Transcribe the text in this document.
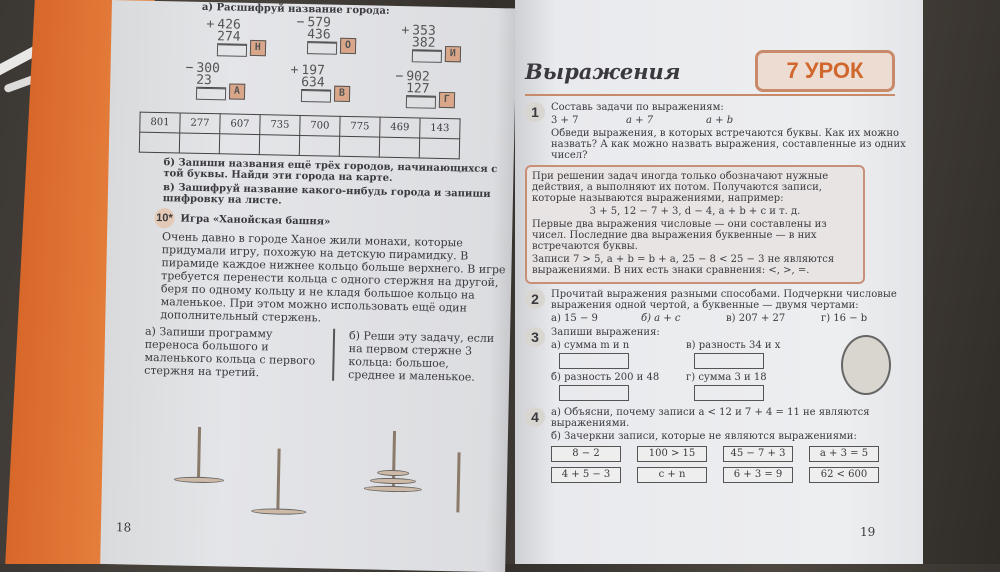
а) Расшифруй название города:
+ 426
274
Н
− 579
436
О
+ 353
382
И
− 300
23
А
+ 197
634
В
− 902
127
Г
801	277	607	735	700	775	469	143

б) Запиши названия ещё трёх городов, начинающихся с той буквы. Найди эти города на карте.
в) Зашифруй название какого-нибудь города и запиши шифровку на листе.
10* Игра «Ханойская башня»
Очень давно в городе Ханое жили монахи, которые придумали игру, похожую на детскую пирамидку. В пирамиде каждое нижнее кольцо больше верхнего. В игре требуется перенести кольца с одного стержня на другой, беря по одному кольцу и не кладя большое кольцо на маленькое. При этом можно использовать ещё один дополнительный стержень.
а) Запиши программу переноса большого и маленького кольца с первого стержня на третий.
б) Реши эту задачу, если на первом стержне 3 кольца: большое, среднее и маленькое.
18
Выражения	7 УРОК
1	Составь задачи по выражениям:
3 + 7	a + 7	a + b
Обведи выражения, в которых встречаются буквы. Как их можно назвать? А как можно назвать выражения, составленные из одних чисел?
При решении задач иногда только обозначают нужные действия, а выполняют их потом. Получаются записи, которые называются выражениями, например:
3 + 5, 12 − 7 + 3, d − 4, a + b + c и т. д.
Первые два выражения числовые — они составлены из чисел. Последние два выражения буквенные — в них встречаются буквы.
Записи 7 > 5, a + b = b + a, 25 − 8 < 25 − 3 не являются выражениями. В них есть знаки сравнения: <, >, =.
2	Прочитай выражения разными способами. Подчеркни числовые выражения одной чертой, а буквенные — двумя чертами:
а) 15 − 9	б) a + c	в) 207 + 27	г) 16 − b
3	Запиши выражения:
а) сумма m и n	в) разность 34 и x
б) разность 200 и 48	г) сумма 3 и 18
4	а) Объясни, почему записи a < 12 и 7 + 4 = 11 не являются выражениями.
б) Зачеркни записи, которые не являются выражениями:
8 − 2	100 > 15	45 − 7 + 3	a + 3 = 5
4 + 5 − 3	c + n	6 + 3 = 9	62 < 600
19
